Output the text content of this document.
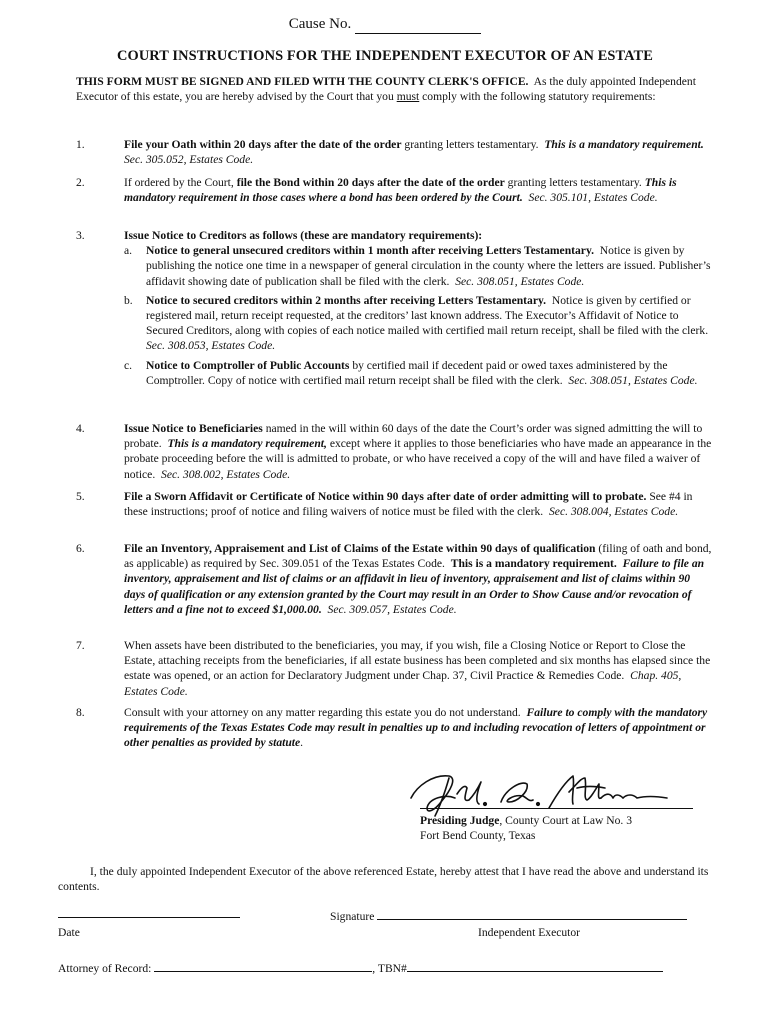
Cause No.
COURT INSTRUCTIONS FOR THE INDEPENDENT EXECUTOR OF AN ESTATE
THIS FORM MUST BE SIGNED AND FILED WITH THE COUNTY CLERK'S OFFICE. As the duly appointed Independent Executor of this estate, you are hereby advised by the Court that you must comply with the following statutory requirements:
1.	File your Oath within 20 days after the date of the order granting letters testamentary. This is a mandatory requirement.  Sec. 305.052, Estates Code.
2.	If ordered by the Court, file the Bond within 20 days after the date of the order granting letters testamentary. This is mandatory requirement in those cases where a bond has been ordered by the Court. Sec. 305.101, Estates Code.
3.	Issue Notice to Creditors as follows (these are mandatory requirements):
a. Notice to general unsecured creditors within 1 month after receiving Letters Testamentary. Notice is given by publishing the notice one time in a newspaper of general circulation in the county where the letters are issued. Publisher’s affidavit showing date of publication shall be filed with the clerk. Sec. 308.051, Estates Code.
b. Notice to secured creditors within 2 months after receiving Letters Testamentary. Notice is given by certified or registered mail, return receipt requested, at the creditors’ last known address. The Executor’s Affidavit of Notice to Secured Creditors, along with copies of each notice mailed with certified mail return receipt, shall be filed with the clerk.  Sec. 308.053, Estates Code.
c. Notice to Comptroller of Public Accounts by certified mail if decedent paid or owed taxes administered by the Comptroller. Copy of notice with certified mail return receipt shall be filed with the clerk. Sec. 308.051, Estates Code.
4.	Issue Notice to Beneficiaries named in the will within 60 days of the date the Court’s order was signed admitting the will to probate. This is a mandatory requirement, except where it applies to those beneficiaries who have made an appearance in the probate proceeding before the will is admitted to probate, or who have received a copy of the will and have filed a waiver of notice. Sec. 308.002, Estates Code.
5.	File a Sworn Affidavit or Certificate of Notice within 90 days after date of order admitting will to probate. See #4 in these instructions; proof of notice and filing waivers of notice must be filed with the clerk. Sec. 308.004, Estates Code.
6.	File an Inventory, Appraisement and List of Claims of the Estate within 90 days of qualification (filing of oath and bond, as applicable) as required by Sec. 309.051 of the Texas Estates Code. This is a mandatory requirement. Failure to file an inventory, appraisement and list of claims or an affidavit in lieu of inventory, appraisement and list of claims within 90 days of qualification or any extension granted by the Court may result in an Order to Show Cause and/or revocation of letters and a fine not to exceed $1,000.00. Sec. 309.057, Estates Code.
7.	When assets have been distributed to the beneficiaries, you may, if you wish, file a Closing Notice or Report to Close the Estate, attaching receipts from the beneficiaries, if all estate business has been completed and six months has elapsed since the estate was opened, or an action for Declaratory Judgment under Chap. 37, Civil Practice & Remedies Code. Chap. 405, Estates Code.
8.	Consult with your attorney on any matter regarding this estate you do not understand. Failure to comply with the mandatory requirements of the Texas Estates Code may result in penalties up to and including revocation of letters of appointment or other penalties as provided by statute.
Presiding Judge, County Court at Law No. 3
Fort Bend County, Texas
I, the duly appointed Independent Executor of the above referenced Estate, hereby attest that I have read the above and understand its contents.
Signature
Date	Independent Executor
Attorney of Record:	, TBN#
